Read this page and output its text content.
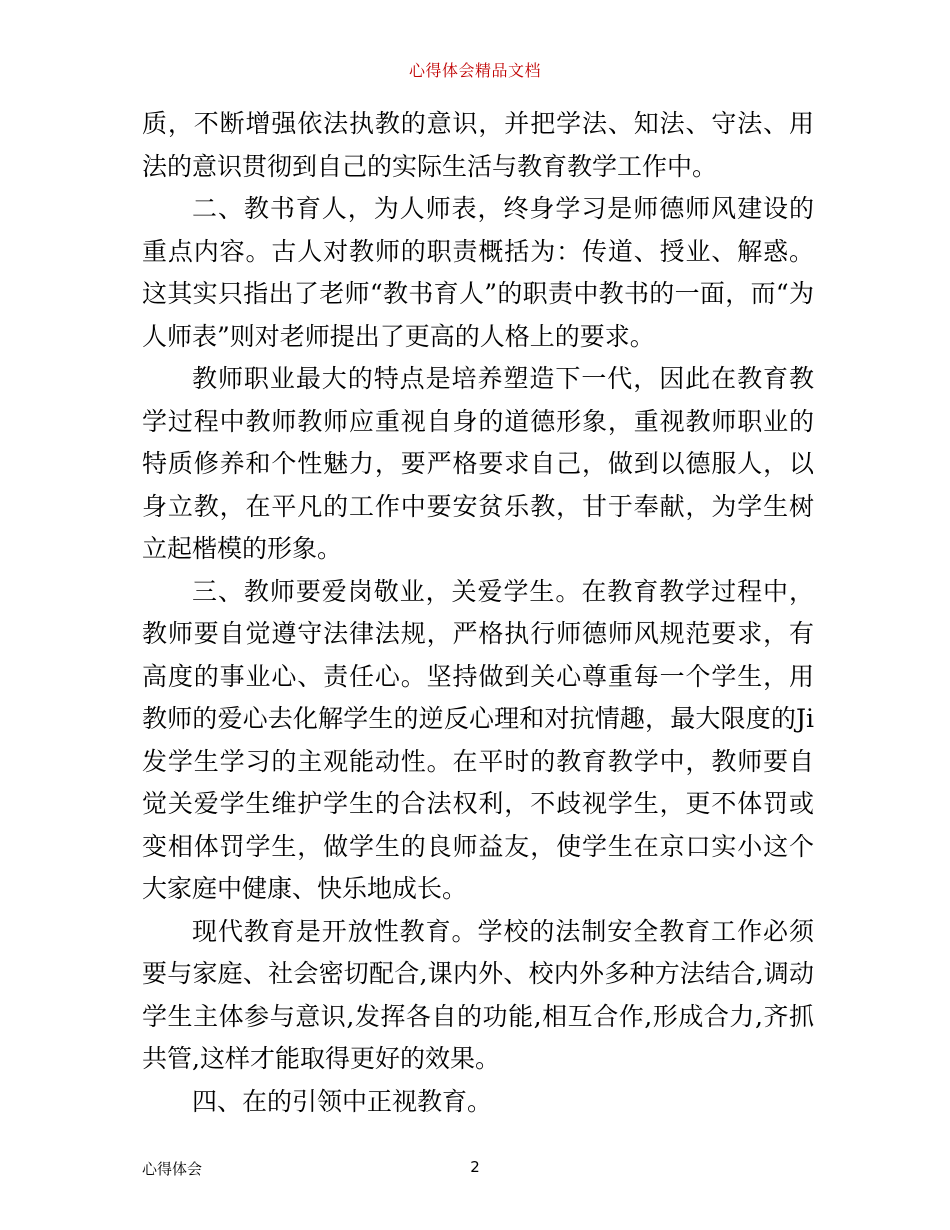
心得体会精品文档

质，不断增强依法执教的意识，并把学法、知法、守法、用法的意识贯彻到自己的实际生活与教育教学工作中。

二、教书育人，为人师表，终身学习是师德师风建设的重点内容。古人对教师的职责概括为：传道、授业、解惑。这其实只指出了老师“教书育人”的职责中教书的一面，而“为人师表”则对老师提出了更高的人格上的要求。

教师职业最大的特点是培养塑造下一代，因此在教育教学过程中教师教师应重视自身的道德形象，重视教师职业的特质修养和个性魅力，要严格要求自己，做到以德服人，以身立教，在平凡的工作中要安贫乐教，甘于奉献，为学生树立起楷模的形象。

三、教师要爱岗敬业，关爱学生。在教育教学过程中，教师要自觉遵守法律法规，严格执行师德师风规范要求，有高度的事业心、责任心。坚持做到关心尊重每一个学生，用教师的爱心去化解学生的逆反心理和对抗情趣，最大限度的Ji发学生学习的主观能动性。在平时的教育教学中，教师要自觉关爱学生维护学生的合法权利，不歧视学生，更不体罚或变相体罚学生，做学生的良师益友，使学生在京口实小这个大家庭中健康、快乐地成长。

现代教育是开放性教育。学校的法制安全教育工作必须要与家庭、社会密切配合,课内外、校内外多种方法结合,调动学生主体参与意识,发挥各自的功能,相互合作,形成合力,齐抓共管,这样才能取得更好的效果。

四、在的引领中正视教育。

心得体会	2
